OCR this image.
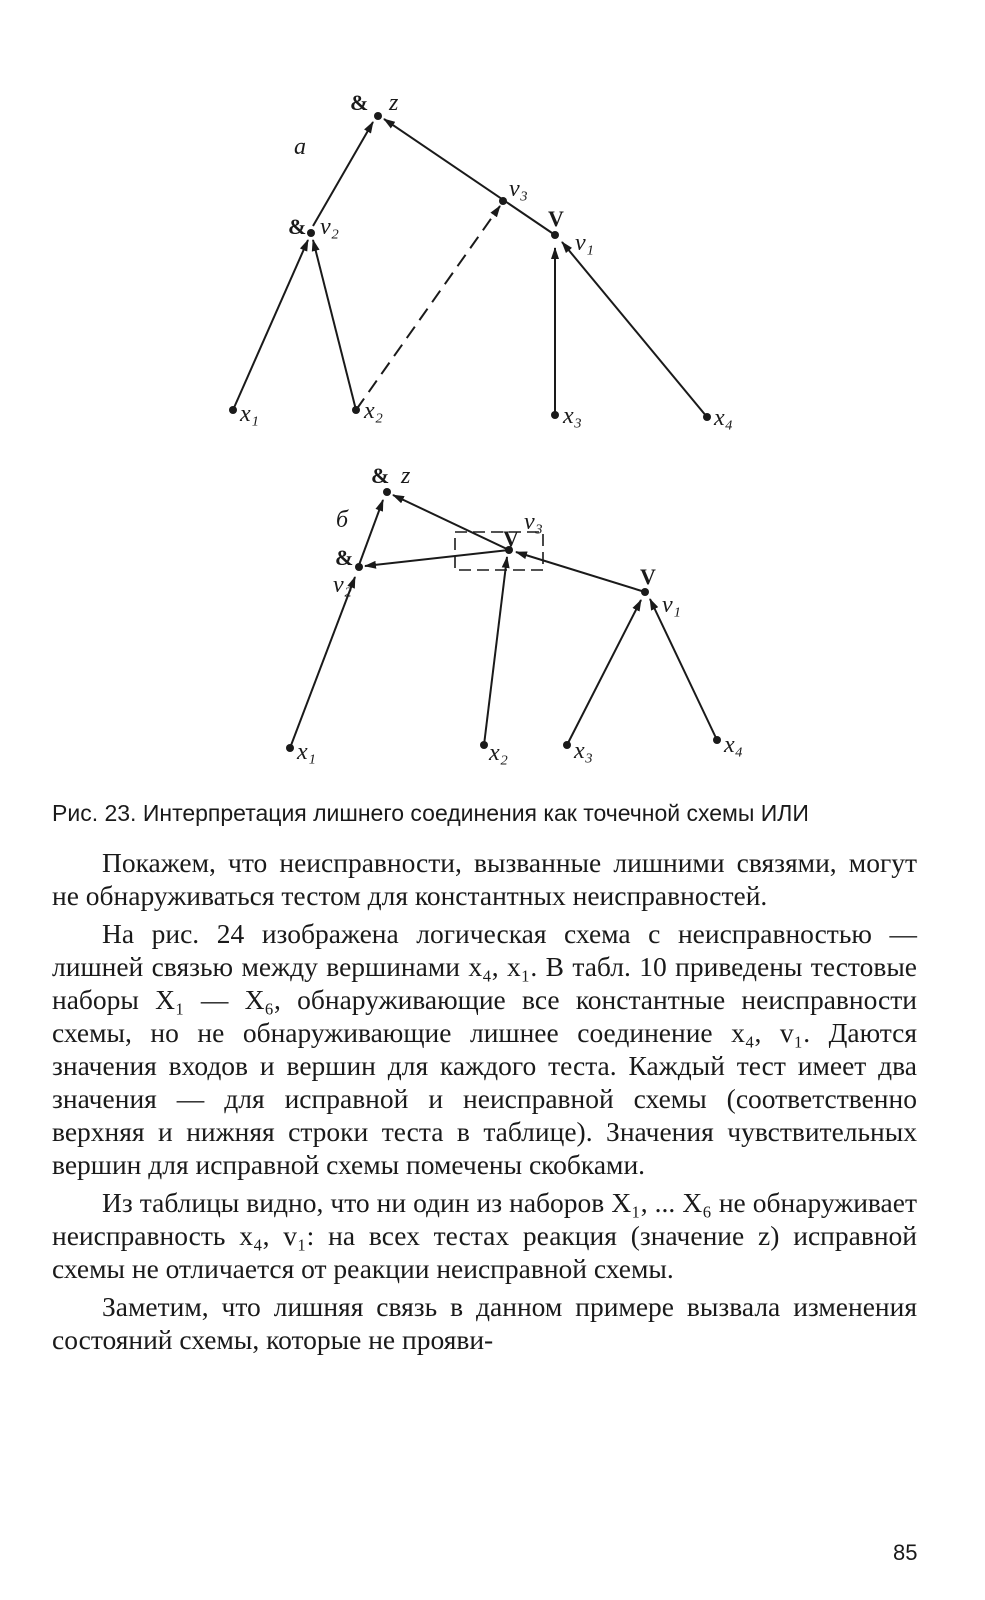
a
& z
& v₂
v₃
V
v₁
x₁	x₂	x₃	x₄
б
& z
&
v₂
v₃
V
V
v₁
x₁	x₂	x₃	x₄
Рис. 23. Интерпретация лишнего соединения как точечной схемы ИЛИ

Покажем, что неисправности, вызванные лишними связями, могут не обнаруживаться тестом для константных неисправностей.

На рис. 24 изображена логическая схема с неисправностью — лишней связью между вершинами x₄, x₁. В табл. 10 приведены тестовые наборы X₁ — X₆, обнаруживающие все константные неисправности схемы, но не обнаруживающие лишнее соединение x₄, v₁. Даются значения входов и вершин для каждого теста. Каждый тест имеет два значения — для исправной и неисправной схемы (соответственно верхняя и нижняя строки теста в таблице). Значения чувствительных вершин для исправной схемы помечены скобками.

Из таблицы видно, что ни один из наборов X₁, ... X₆ не обнаруживает неисправность x₄, v₁: на всех тестах реакция (значение z) исправной схемы не отличается от реакции неисправной схемы.

Заметим, что лишняя связь в данном примере вызвала изменения состояний схемы, которые не прояви-

85
